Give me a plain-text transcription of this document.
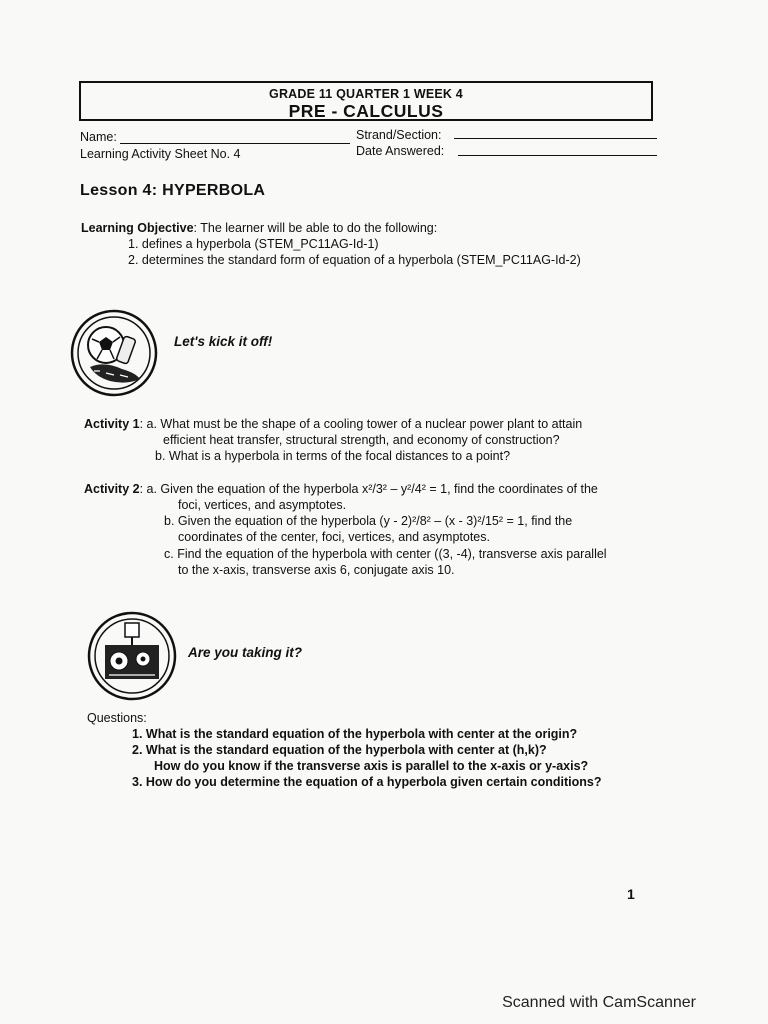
GRADE 11 QUARTER 1 WEEK 4
PRE - CALCULUS
Name:	Strand/Section:
Learning Activity Sheet No. 4	Date Answered:
Lesson 4: HYPERBOLA
Learning Objective: The learner will be able to do the following:
1. defines a hyperbola (STEM_PC11AG-Id-1)
2. determines the standard form of equation of a hyperbola (STEM_PC11AG-Id-2)
Let's kick it off!
Activity 1: a. What must be the shape of a cooling tower of a nuclear power plant to attain
efficient heat transfer, structural strength, and economy of construction?
b. What is a hyperbola in terms of the focal distances to a point?
Activity 2: a. Given the equation of the hyperbola x²/3² – y²/4² = 1, find the coordinates of the
foci, vertices, and asymptotes.
b. Given the equation of the hyperbola (y - 2)²/8² – (x - 3)²/15² = 1, find the
coordinates of the center, foci, vertices, and asymptotes.
c. Find the equation of the hyperbola with center ((3, -4), transverse axis parallel
to the x-axis, transverse axis 6, conjugate axis 10.
Are you taking it?
Questions:
1. What is the standard equation of the hyperbola with center at the origin?
2. What is the standard equation of the hyperbola with center at (h,k)?
How do you know if the transverse axis is parallel to the x-axis or y-axis?
3. How do you determine the equation of a hyperbola given certain conditions?
1
Scanned with CamScanner
